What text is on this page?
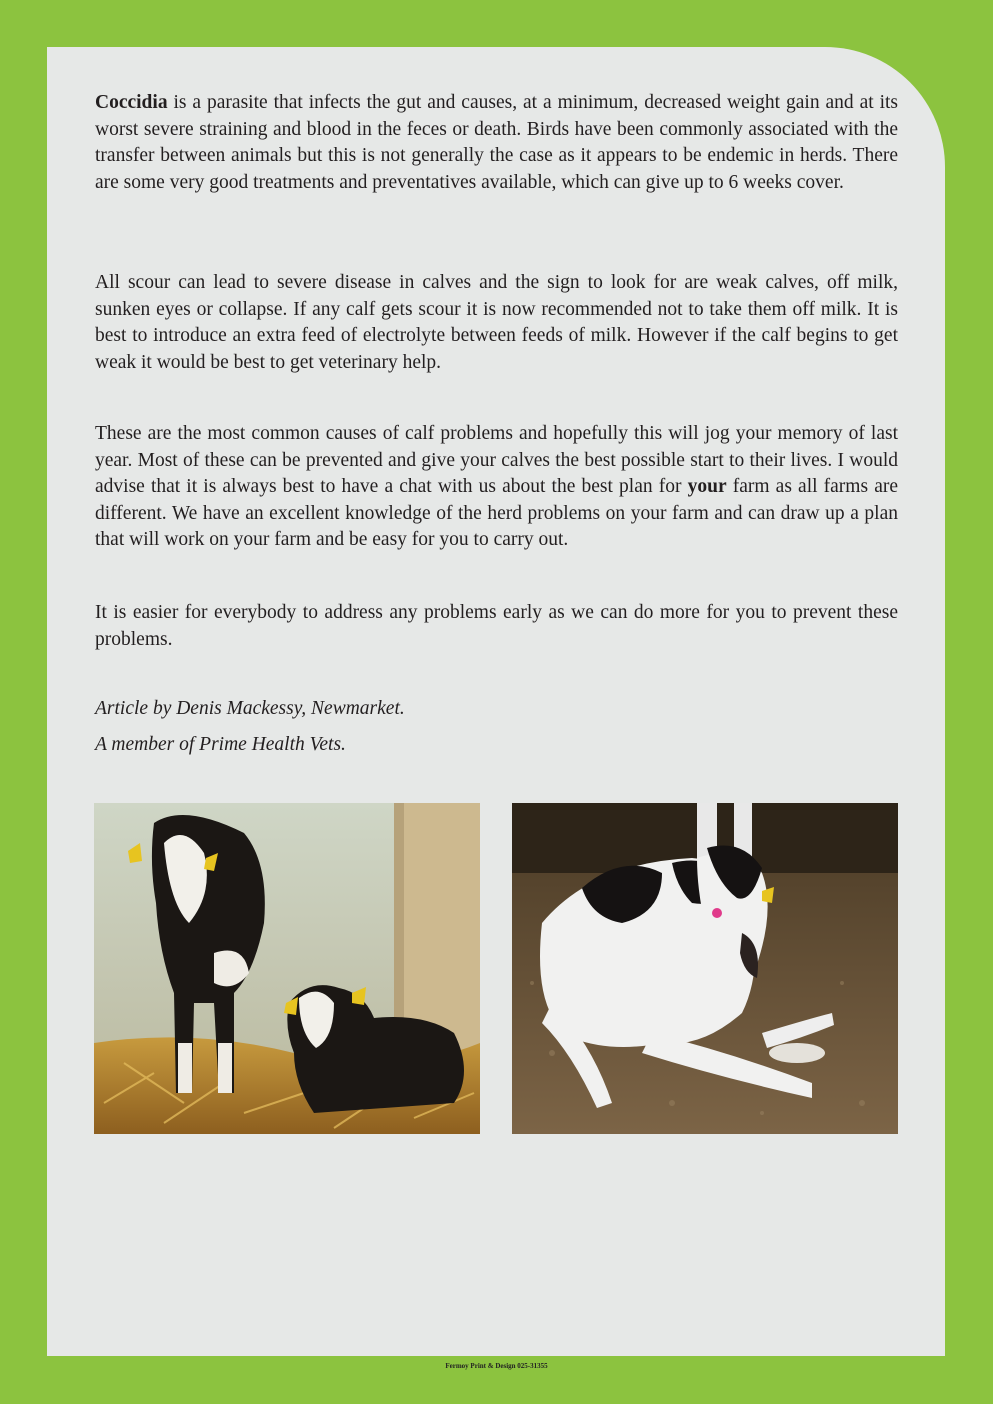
Coccidia is a parasite that infects the gut and causes, at a minimum, decreased weight gain and at its worst severe straining and blood in the feces or death. Birds have been commonly associated with the transfer between animals but this is not generally the case as it appears to be endemic in herds. There are some very good treatments and preventatives available, which can give up to 6 weeks cover.

All scour can lead to severe disease in calves and the sign to look for are weak calves, off milk, sunken eyes or collapse. If any calf gets scour it is now recommended not to take them off milk. It is best to introduce an extra feed of electrolyte between feeds of milk. However if the calf begins to get weak it would be best to get veterinary help.

These are the most common causes of calf problems and hopefully this will jog your memory of last year. Most of these can be prevented and give your calves the best possible start to their lives. I would advise that it is always best to have a chat with us about the best plan for your farm as all farms are different. We have an excellent knowledge of the herd problems on your farm and can draw up a plan that will work on your farm and be easy for you to carry out.

It is easier for everybody to address any problems early as we can do more for you to prevent these problems.

Article by Denis Mackessy, Newmarket.
A member of Prime Health Vets.
Fermoy Print & Design 025-31355
